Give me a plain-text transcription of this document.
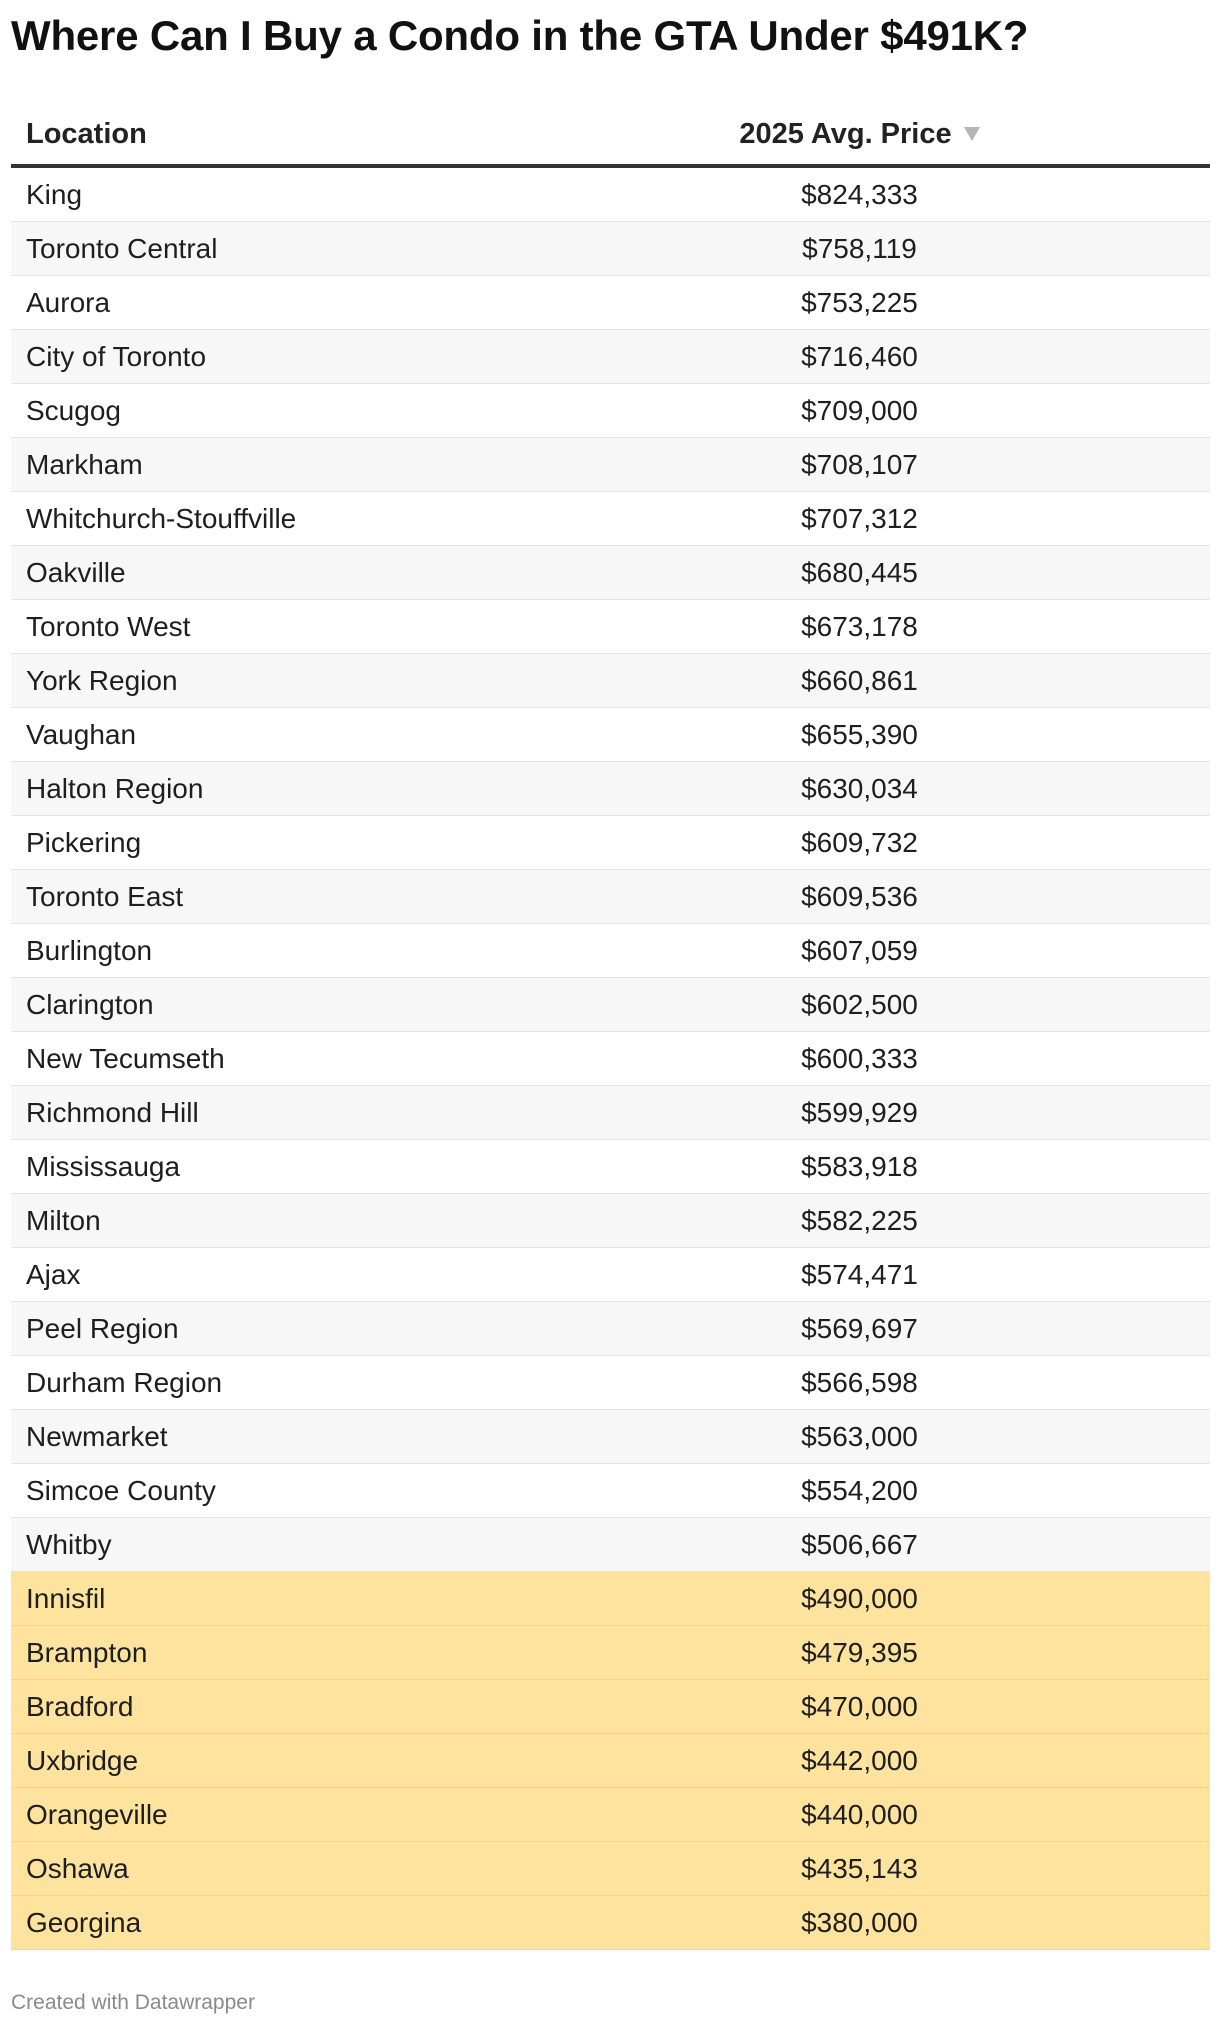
Where Can I Buy a Condo in the GTA Under $491K?
Location	2025 Avg. Price
King	$824,333
Toronto Central	$758,119
Aurora	$753,225
City of Toronto	$716,460
Scugog	$709,000
Markham	$708,107
Whitchurch-Stouffville	$707,312
Oakville	$680,445
Toronto West	$673,178
York Region	$660,861
Vaughan	$655,390
Halton Region	$630,034
Pickering	$609,732
Toronto East	$609,536
Burlington	$607,059
Clarington	$602,500
New Tecumseth	$600,333
Richmond Hill	$599,929
Mississauga	$583,918
Milton	$582,225
Ajax	$574,471
Peel Region	$569,697
Durham Region	$566,598
Newmarket	$563,000
Simcoe County	$554,200
Whitby	$506,667
Innisfil	$490,000
Brampton	$479,395
Bradford	$470,000
Uxbridge	$442,000
Orangeville	$440,000
Oshawa	$435,143
Georgina	$380,000
Created with Datawrapper
